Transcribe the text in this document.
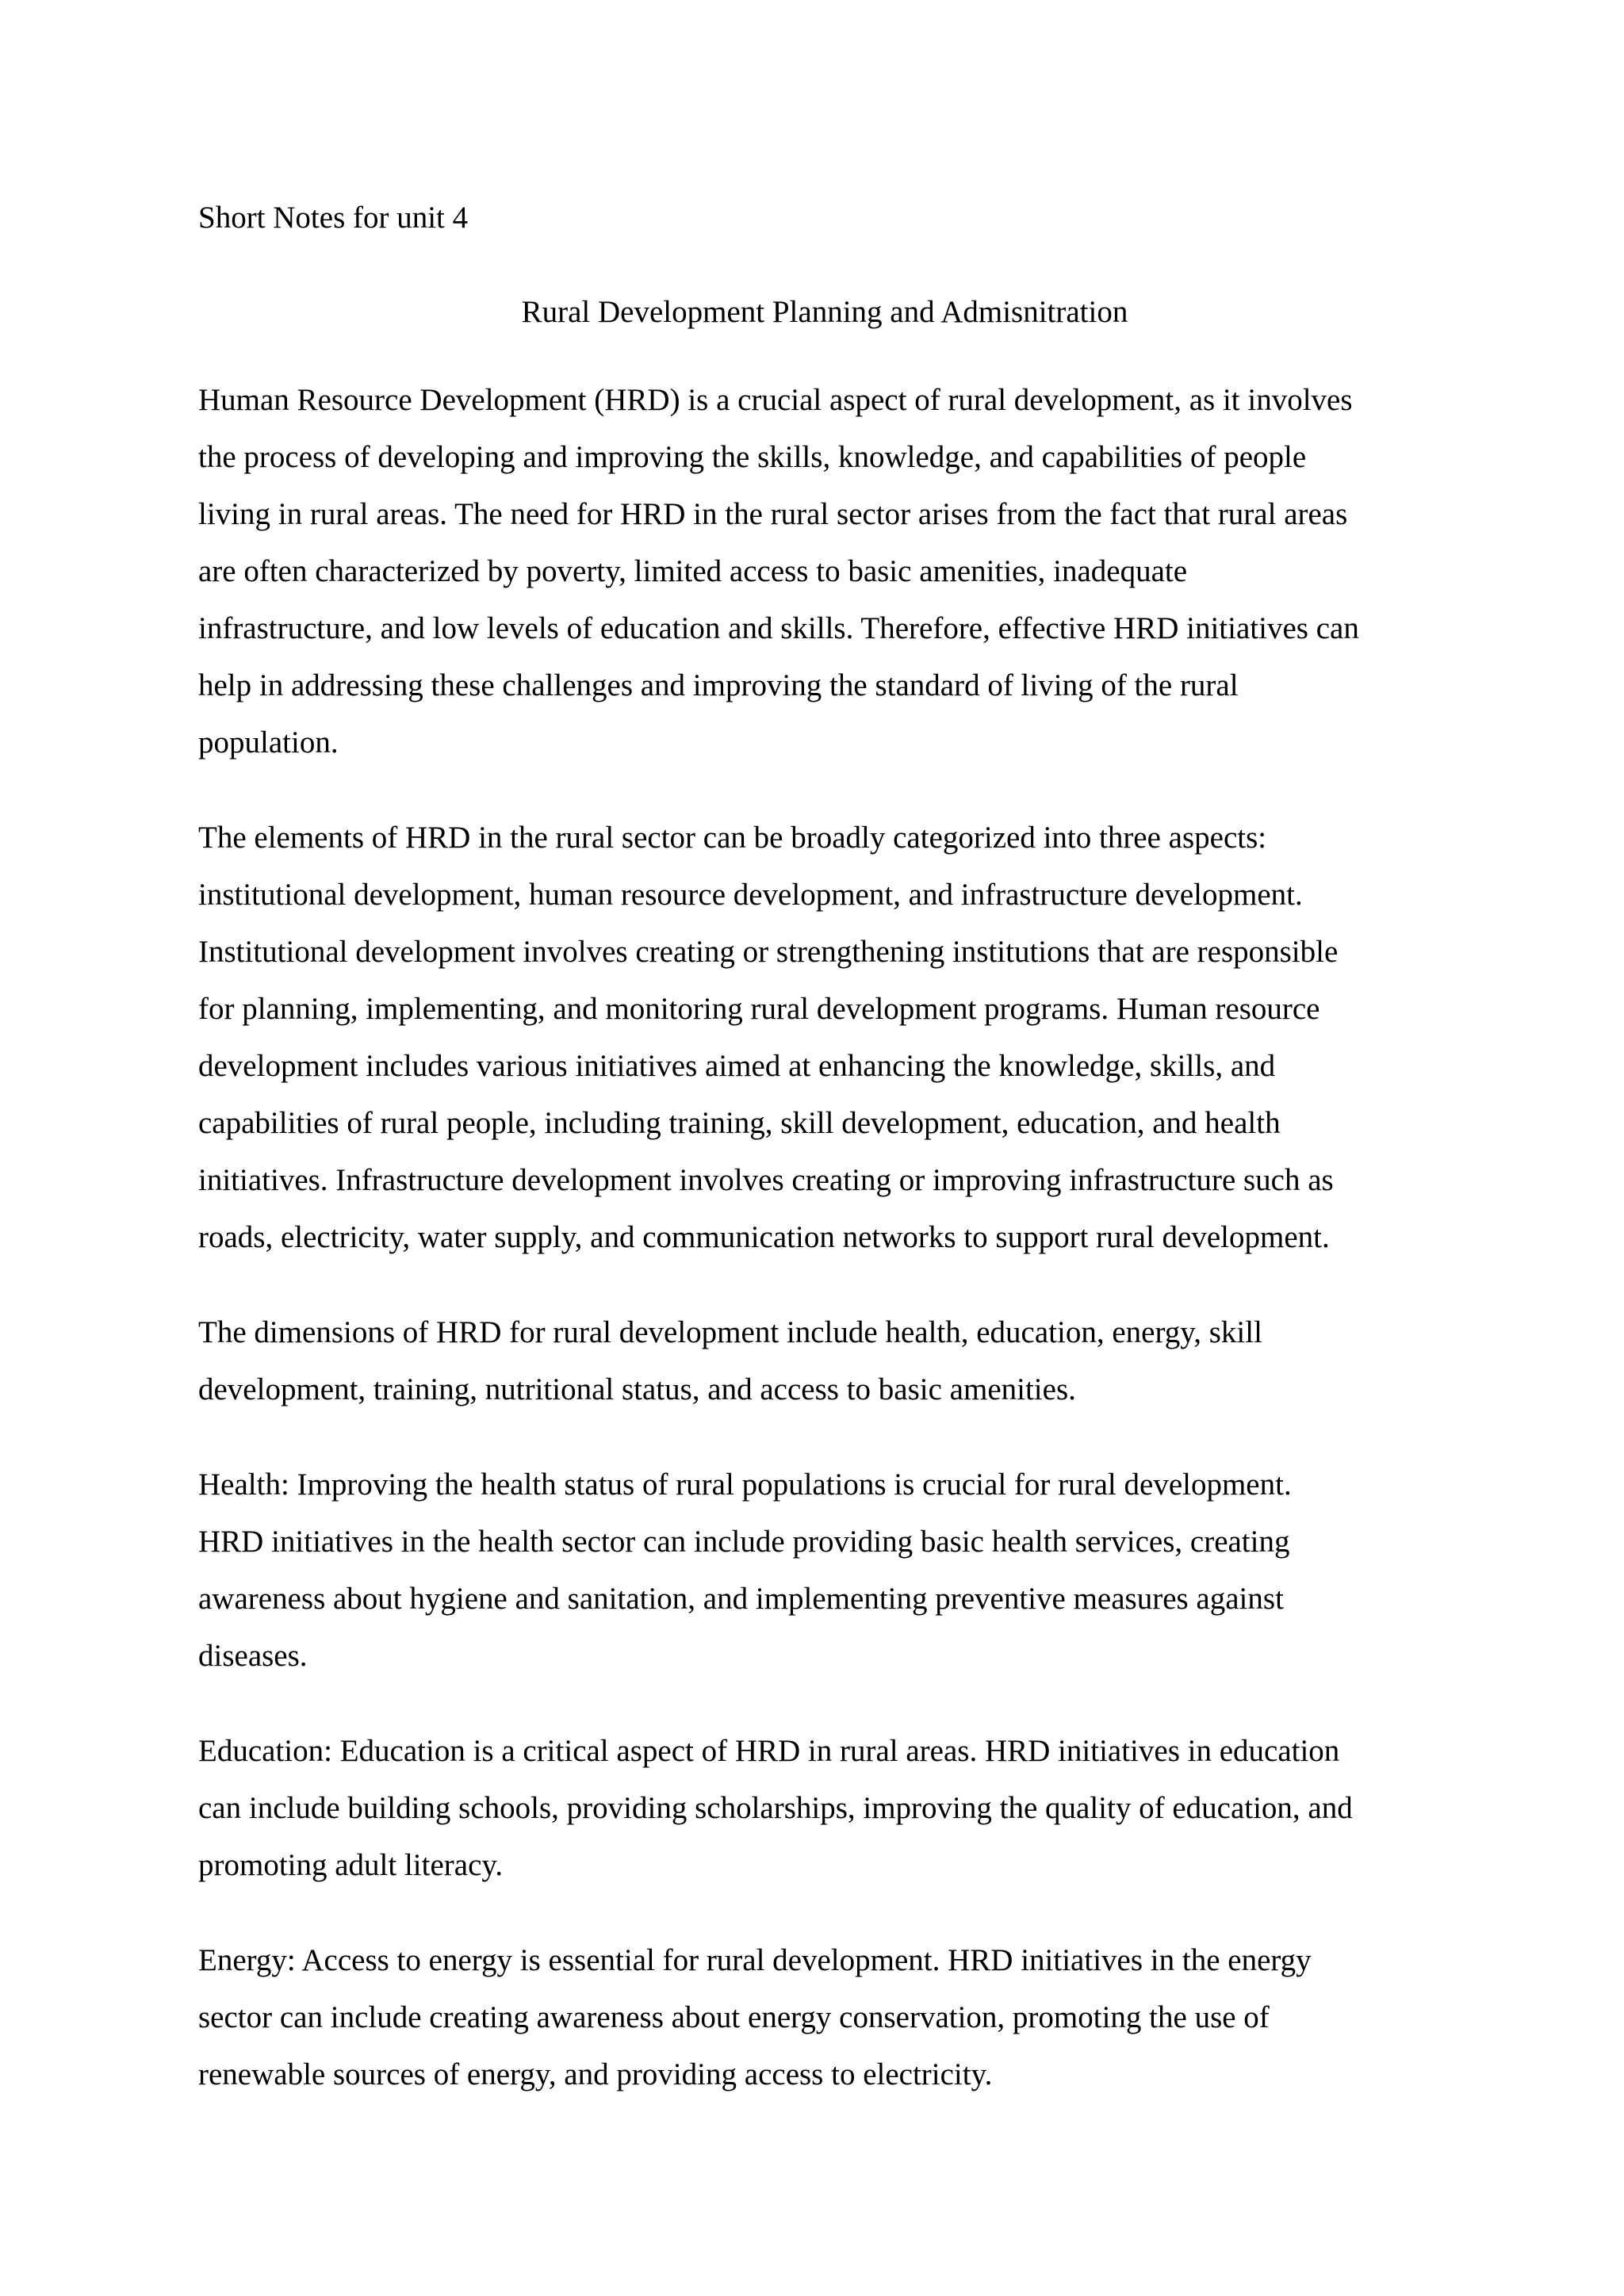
Short Notes for unit 4

Rural Development Planning and Admisnitration

Human Resource Development (HRD) is a crucial aspect of rural development, as it involves
the process of developing and improving the skills, knowledge, and capabilities of people
living in rural areas. The need for HRD in the rural sector arises from the fact that rural areas
are often characterized by poverty, limited access to basic amenities, inadequate
infrastructure, and low levels of education and skills. Therefore, effective HRD initiatives can
help in addressing these challenges and improving the standard of living of the rural
population.
The elements of HRD in the rural sector can be broadly categorized into three aspects:
institutional development, human resource development, and infrastructure development.
Institutional development involves creating or strengthening institutions that are responsible
for planning, implementing, and monitoring rural development programs. Human resource
development includes various initiatives aimed at enhancing the knowledge, skills, and
capabilities of rural people, including training, skill development, education, and health
initiatives. Infrastructure development involves creating or improving infrastructure such as
roads, electricity, water supply, and communication networks to support rural development.
The dimensions of HRD for rural development include health, education, energy, skill
development, training, nutritional status, and access to basic amenities.
Health: Improving the health status of rural populations is crucial for rural development.
HRD initiatives in the health sector can include providing basic health services, creating
awareness about hygiene and sanitation, and implementing preventive measures against
diseases.
Education: Education is a critical aspect of HRD in rural areas. HRD initiatives in education
can include building schools, providing scholarships, improving the quality of education, and
promoting adult literacy.
Energy: Access to energy is essential for rural development. HRD initiatives in the energy
sector can include creating awareness about energy conservation, promoting the use of
renewable sources of energy, and providing access to electricity.
